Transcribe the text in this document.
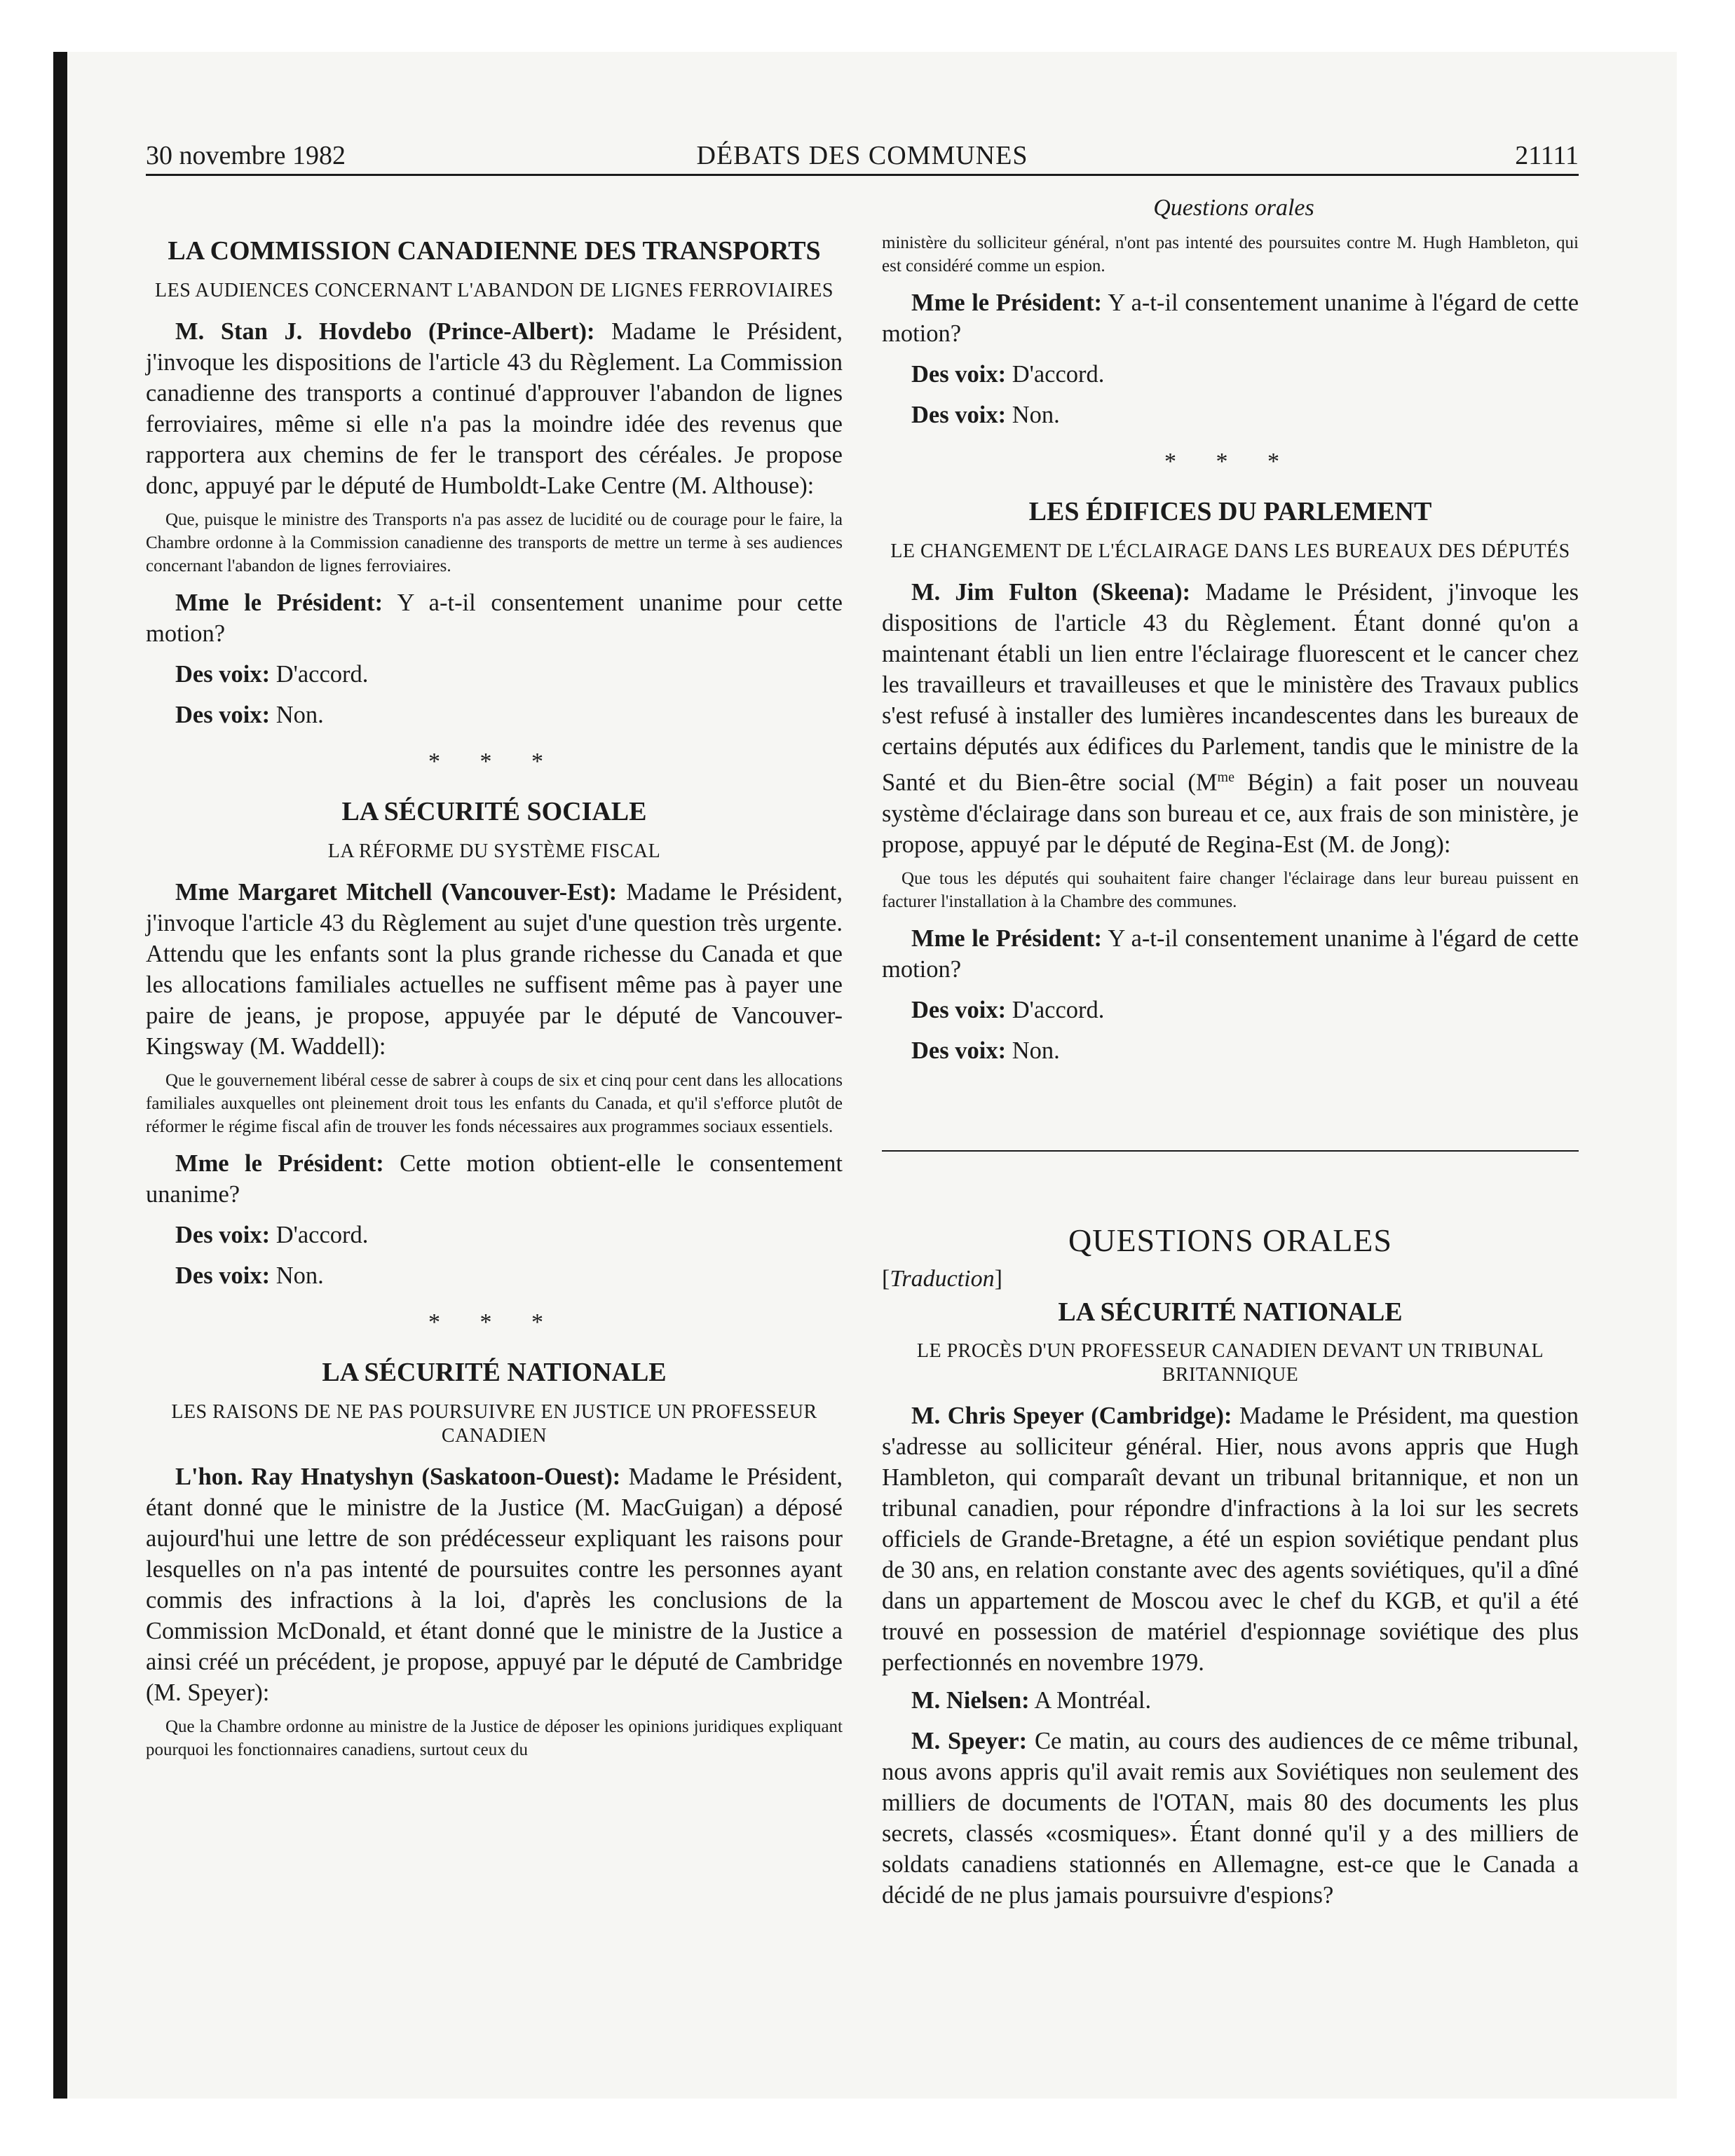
30 novembre 1982	DÉBATS DES COMMUNES	21111
Questions orales
LA COMMISSION CANADIENNE DES TRANSPORTS
LES AUDIENCES CONCERNANT L'ABANDON DE LIGNES FERROVIAIRES

M. Stan J. Hovdebo (Prince-Albert): Madame le Président, j'invoque les dispositions de l'article 43 du Règlement. La Commission canadienne des transports a continué d'approuver l'abandon de lignes ferroviaires, même si elle n'a pas la moindre idée des revenus que rapportera aux chemins de fer le transport des céréales. Je propose donc, appuyé par le député de Humboldt-Lake Centre (M. Althouse):

Que, puisque le ministre des Transports n'a pas assez de lucidité ou de courage pour le faire, la Chambre ordonne à la Commission canadienne des transports de mettre un terme à ses audiences concernant l'abandon de lignes ferroviaires.

Mme le Président: Y a-t-il consentement unanime pour cette motion?

Des voix: D'accord.

Des voix: Non.

* * *
LA SÉCURITÉ SOCIALE
LA RÉFORME DU SYSTÈME FISCAL

Mme Margaret Mitchell (Vancouver-Est): Madame le Président, j'invoque l'article 43 du Règlement au sujet d'une question très urgente. Attendu que les enfants sont la plus grande richesse du Canada et que les allocations familiales actuelles ne suffisent même pas à payer une paire de jeans, je propose, appuyée par le député de Vancouver-Kingsway (M. Waddell):

Que le gouvernement libéral cesse de sabrer à coups de six et cinq pour cent dans les allocations familiales auxquelles ont pleinement droit tous les enfants du Canada, et qu'il s'efforce plutôt de réformer le régime fiscal afin de trouver les fonds nécessaires aux programmes sociaux essentiels.

Mme le Président: Cette motion obtient-elle le consentement unanime?

Des voix: D'accord.

Des voix: Non.

* * *
LA SÉCURITÉ NATIONALE
LES RAISONS DE NE PAS POURSUIVRE EN JUSTICE UN PROFESSEUR CANADIEN

L'hon. Ray Hnatyshyn (Saskatoon-Ouest): Madame le Président, étant donné que le ministre de la Justice (M. MacGuigan) a déposé aujourd'hui une lettre de son prédécesseur expliquant les raisons pour lesquelles on n'a pas intenté de poursuites contre les personnes ayant commis des infractions à la loi, d'après les conclusions de la Commission McDonald, et étant donné que le ministre de la Justice a ainsi créé un précédent, je propose, appuyé par le député de Cambridge (M. Speyer):

Que la Chambre ordonne au ministre de la Justice de déposer les opinions juridiques expliquant pourquoi les fonctionnaires canadiens, surtout ceux du

ministère du solliciteur général, n'ont pas intenté des poursuites contre M. Hugh Hambleton, qui est considéré comme un espion.

Mme le Président: Y a-t-il consentement unanime à l'égard de cette motion?

Des voix: D'accord.

Des voix: Non.

* * *
LES ÉDIFICES DU PARLEMENT
LE CHANGEMENT DE L'ÉCLAIRAGE DANS LES BUREAUX DES DÉPUTÉS

M. Jim Fulton (Skeena): Madame le Président, j'invoque les dispositions de l'article 43 du Règlement. Étant donné qu'on a maintenant établi un lien entre l'éclairage fluorescent et le cancer chez les travailleurs et travailleuses et que le ministère des Travaux publics s'est refusé à installer des lumières incandescentes dans les bureaux de certains députés aux édifices du Parlement, tandis que le ministre de la Santé et du Bien-être social ($M^{me}$ Bégin) a fait poser un nouveau système d'éclairage dans son bureau et ce, aux frais de son ministère, je propose, appuyé par le député de Regina-Est (M. de Jong):

Que tous les députés qui souhaitent faire changer l'éclairage dans leur bureau puissent en facturer l'installation à la Chambre des communes.

Mme le Président: Y a-t-il consentement unanime à l'égard de cette motion?

Des voix: D'accord.

Des voix: Non.

QUESTIONS ORALES
[Traduction]
LA SÉCURITÉ NATIONALE
LE PROCÈS D'UN PROFESSEUR CANADIEN DEVANT UN TRIBUNAL BRITANNIQUE

M. Chris Speyer (Cambridge): Madame le Président, ma question s'adresse au solliciteur général. Hier, nous avons appris que Hugh Hambleton, qui comparaît devant un tribunal britannique, et non un tribunal canadien, pour répondre d'infractions à la loi sur les secrets officiels de Grande-Bretagne, a été un espion soviétique pendant plus de 30 ans, en relation constante avec des agents soviétiques, qu'il a dîné dans un appartement de Moscou avec le chef du KGB, et qu'il a été trouvé en possession de matériel d'espionnage soviétique des plus perfectionnés en novembre 1979.

M. Nielsen: A Montréal.

M. Speyer: Ce matin, au cours des audiences de ce même tribunal, nous avons appris qu'il avait remis aux Soviétiques non seulement des milliers de documents de l'OTAN, mais 80 des documents les plus secrets, classés «cosmiques». Étant donné qu'il y a des milliers de soldats canadiens stationnés en Allemagne, est-ce que le Canada a décidé de ne plus jamais poursuivre d'espions?
